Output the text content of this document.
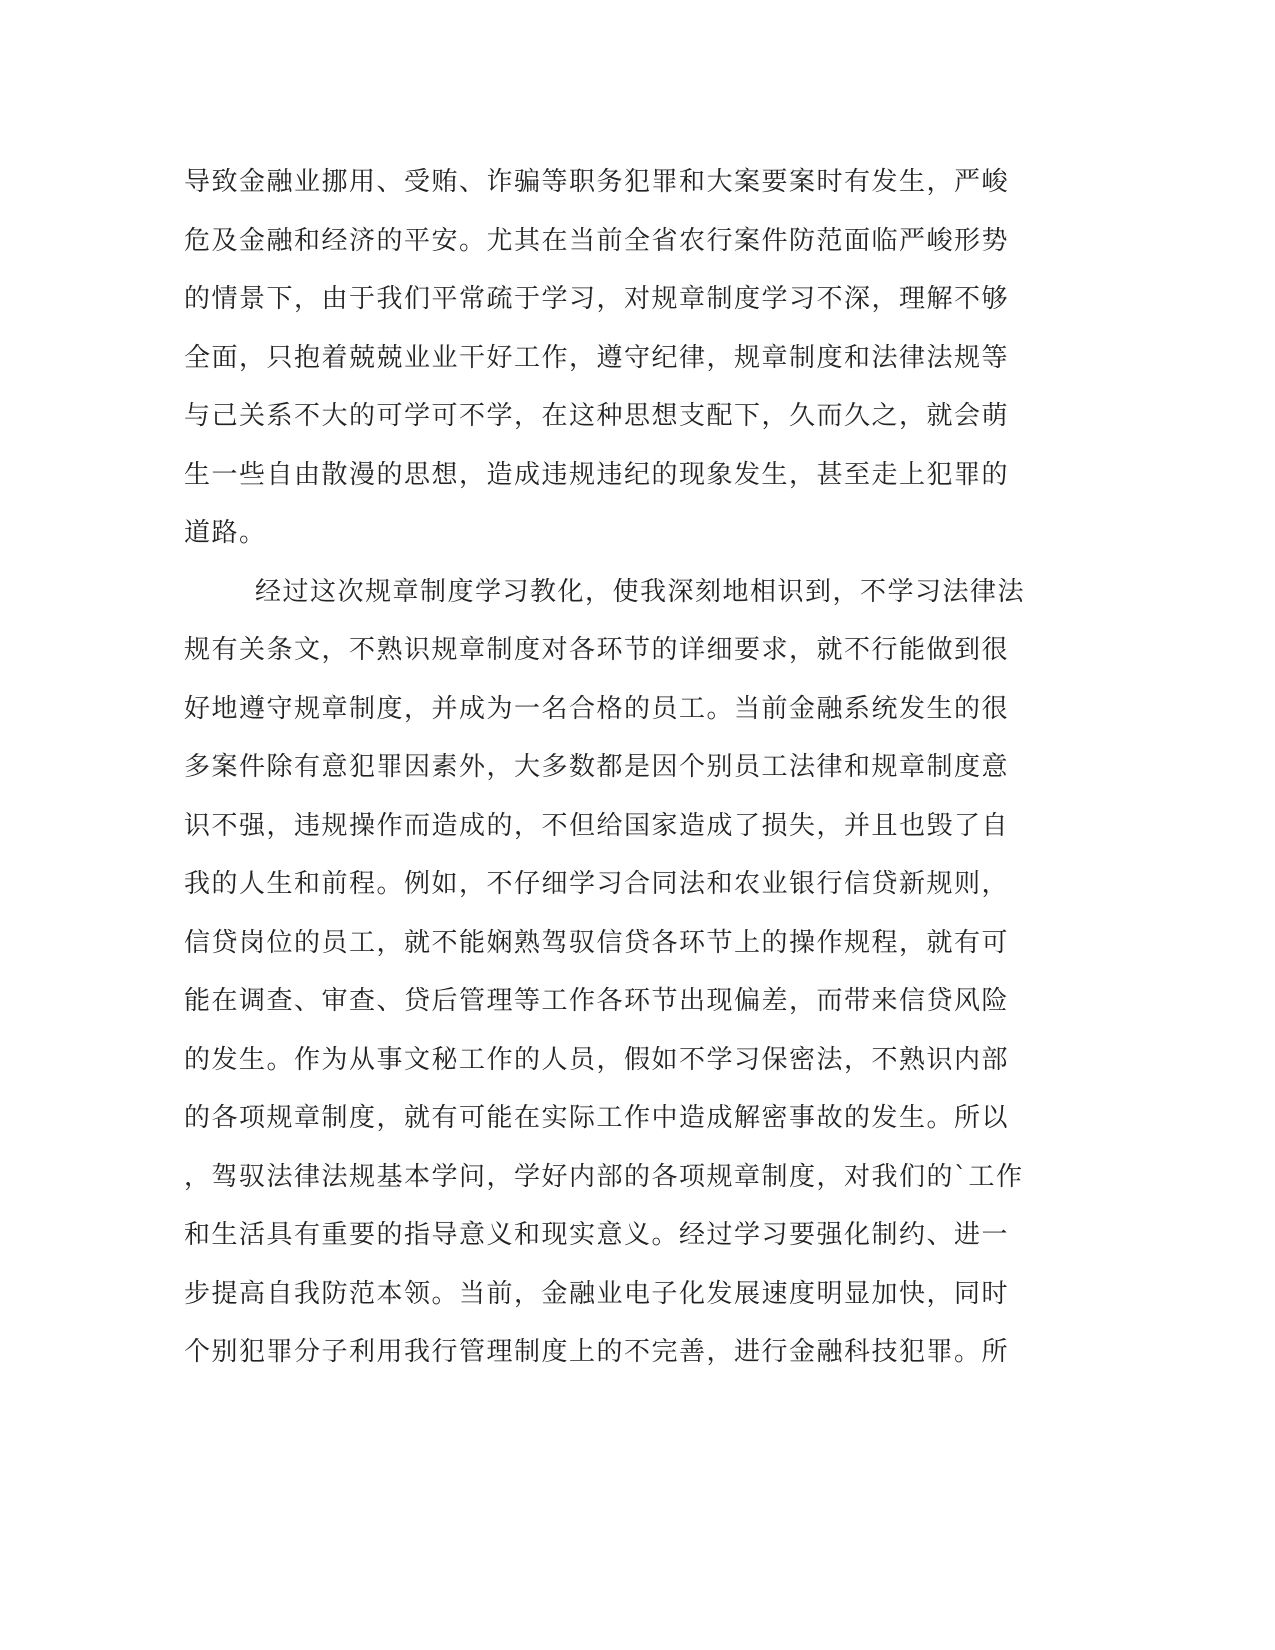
导致金融业挪用、受贿、诈骗等职务犯罪和大案要案时有发生，严峻
危及金融和经济的平安。尤其在当前全省农行案件防范面临严峻形势
的情景下，由于我们平常疏于学习，对规章制度学习不深，理解不够
全面，只抱着兢兢业业干好工作，遵守纪律，规章制度和法律法规等
与己关系不大的可学可不学，在这种思想支配下，久而久之，就会萌
生一些自由散漫的思想，造成违规违纪的现象发生，甚至走上犯罪的
道路。
经过这次规章制度学习教化，使我深刻地相识到，不学习法律法
规有关条文，不熟识规章制度对各环节的详细要求，就不行能做到很
好地遵守规章制度，并成为一名合格的员工。当前金融系统发生的很
多案件除有意犯罪因素外，大多数都是因个别员工法律和规章制度意
识不强，违规操作而造成的，不但给国家造成了损失，并且也毁了自
我的人生和前程。例如，不仔细学习合同法和农业银行信贷新规则，
信贷岗位的员工，就不能娴熟驾驭信贷各环节上的操作规程，就有可
能在调查、审查、贷后管理等工作各环节出现偏差，而带来信贷风险
的发生。作为从事文秘工作的人员，假如不学习保密法，不熟识内部
的各项规章制度，就有可能在实际工作中造成解密事故的发生。所以
，驾驭法律法规基本学问，学好内部的各项规章制度，对我们的`工作
和生活具有重要的指导意义和现实意义。经过学习要强化制约、进一
步提高自我防范本领。当前，金融业电子化发展速度明显加快，同时
个别犯罪分子利用我行管理制度上的不完善，进行金融科技犯罪。所
